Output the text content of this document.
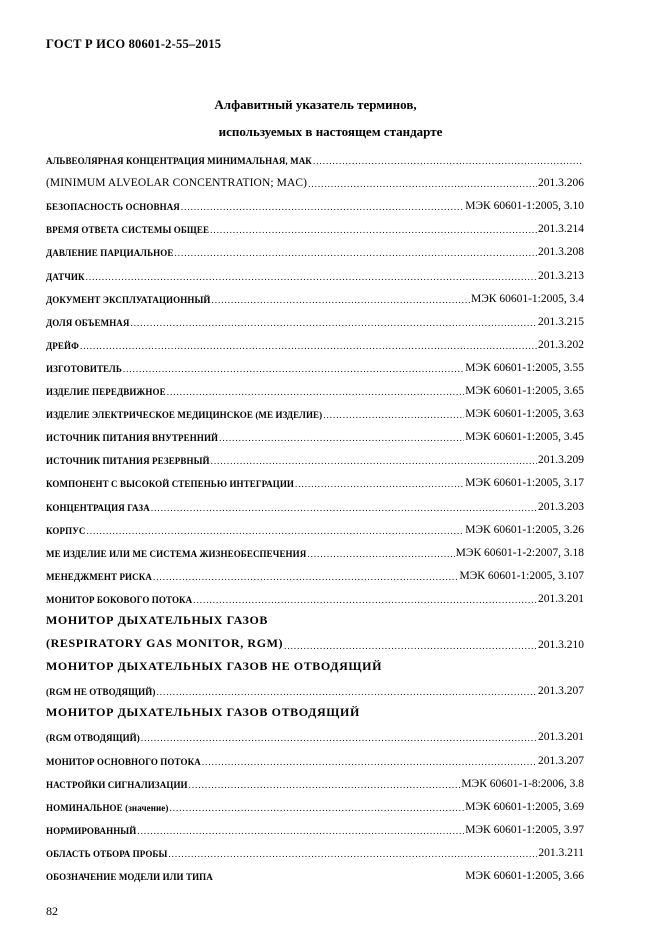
ГОСТ Р ИСО 80601-2-55–2015
Алфавитный указатель терминов,
используемых в настоящем стандарте
АЛЬВЕОЛЯРНАЯ КОНЦЕНТРАЦИЯ МИНИМАЛЬНАЯ, МАК
.....
(MINIMUM ALVEOLAR CONCENTRATION; MAC) .....	201.3.206
БЕЗОПАСНОСТЬ ОСНОВНАЯ .....	МЭК 60601-1:2005, 3.10
ВРЕМЯ ОТВЕТА СИСТЕМЫ ОБЩЕЕ .....	201.3.214
ДАВЛЕНИЕ ПАРЦИАЛЬНОЕ .....	201.3.208
ДАТЧИК .....	201.3.213
ДОКУМЕНТ ЭКСПЛУАТАЦИОННЫЙ .....	МЭК 60601-1:2005, 3.4
ДОЛЯ ОБЪЕМНАЯ .....	201.3.215
ДРЕЙФ .....	201.3.202
ИЗГОТОВИТЕЛЬ .....	МЭК 60601-1:2005, 3.55
ИЗДЕЛИЕ ПЕРЕДВИЖНОЕ .....	МЭК 60601-1:2005, 3.65
ИЗДЕЛИЕ ЭЛЕКТРИЧЕСКОЕ МЕДИЦИНСКОЕ (МЕ ИЗДЕЛИЕ) .....	МЭК 60601-1:2005, 3.63
ИСТОЧНИК ПИТАНИЯ ВНУТРЕННИЙ .....	МЭК 60601-1:2005, 3.45
ИСТОЧНИК ПИТАНИЯ РЕЗЕРВНЫЙ .....	201.3.209
КОМПОНЕНТ С ВЫСОКОЙ СТЕПЕНЬЮ ИНТЕГРАЦИИ .....	МЭК 60601-1:2005, 3.17
КОНЦЕНТРАЦИЯ ГАЗА .....	201.3.203
КОРПУС .....	МЭК 60601-1:2005, 3.26
МЕ ИЗДЕЛИЕ ИЛИ МЕ СИСТЕМА ЖИЗНЕОБЕСПЕЧЕНИЯ .....	МЭК 60601-1-2:2007, 3.18
МЕНЕДЖМЕНТ РИСКА .....	МЭК 60601-1:2005, 3.107
МОНИТОР БОКОВОГО ПОТОКА .....	201.3.201
МОНИТОР ДЫХАТЕЛЬНЫХ ГАЗОВ
(RESPIRATORY GAS MONITOR, RGM) .....	201.3.210
МОНИТОР ДЫХАТЕЛЬНЫХ ГАЗОВ НЕ ОТВОДЯЩИЙ
(RGM НЕ ОТВОДЯЩИЙ) .....	201.3.207
МОНИТОР ДЫХАТЕЛЬНЫХ ГАЗОВ ОТВОДЯЩИЙ
(RGM ОТВОДЯЩИЙ) .....	201.3.201
МОНИТОР ОСНОВНОГО ПОТОКА .....	201.3.207
НАСТРОЙКИ СИГНАЛИЗАЦИИ .....	МЭК 60601-1-8:2006, 3.8
НОМИНАЛЬНОЕ (значение) .....	МЭК 60601-1:2005, 3.69
НОРМИРОВАННЫЙ .....	МЭК 60601-1:2005, 3.97
ОБЛАСТЬ ОТБОРА ПРОБЫ .....	201.3.211
ОБОЗНАЧЕНИЕ МОДЕЛИ ИЛИ ТИПА	МЭК 60601-1:2005, 3.66
82
